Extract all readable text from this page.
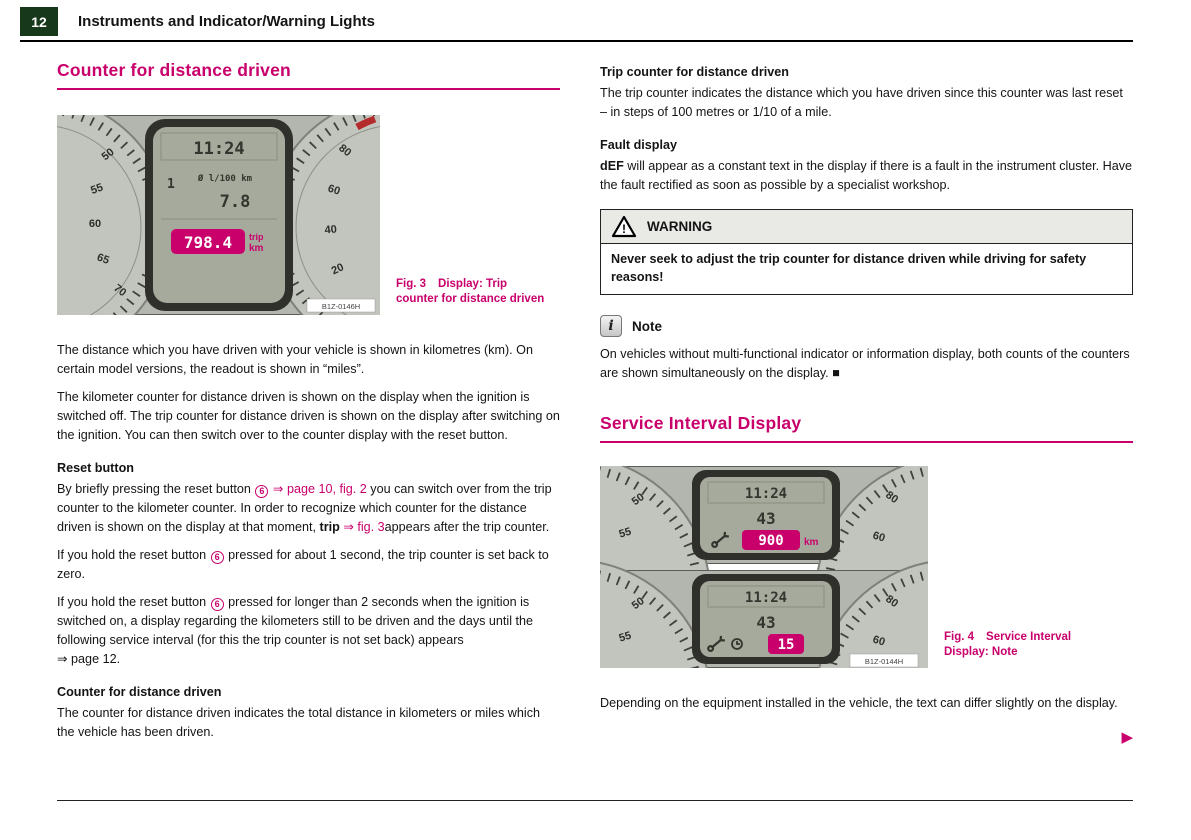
12 Instruments and Indicator/Warning Lights
Counter for distance driven
50
55
60
65
70
80
60
40
20
11:24
1	Ø l/100 km
7.8
798.4 trip
km
B1Z-0146H
Fig. 3 Display: Trip counter for distance driven

The distance which you have driven with your vehicle is shown in kilometres (km). On certain model versions, the readout is shown in “miles”.

The kilometer counter for distance driven is shown on the display when the ignition is switched off. The trip counter for distance driven is shown on the display after switching on the ignition. You can then switch over to the counter display with the reset button.

Reset button

By briefly pressing the reset button 6 ⇒ page 10, fig. 2 you can switch over from the trip counter to the kilometer counter. In order to recognize which counter for the distance driven is shown on the display at that moment, trip ⇒ fig. 3appears after the trip counter.

If you hold the reset button 6 pressed for about 1 second, the trip counter is set back to zero.

If you hold the reset button 6 pressed for longer than 2 seconds when the ignition is switched on, a display regarding the kilometers still to be driven and the days until the following service interval (for this the trip counter is not set back) appears
⇒ page 12.

Counter for distance driven

The counter for distance driven indicates the total distance in kilometers or miles which the vehicle has been driven.

Trip counter for distance driven

The trip counter indicates the distance which you have driven since this counter was last reset – in steps of 100 metres or 1/10 of a mile.

Fault display

dEF will appear as a constant text in the display if there is a fault in the instrument cluster. Have the fault rectified as soon as possible by a specialist workshop.

! WARNING
Never seek to adjust the trip counter for distance driven while driving for safety reasons!
i	Note

On vehicles without multi-functional indicator or information display, both counts of the counters are shown simultaneously on the display. ■

Service Interval Display
50
55
80
60
11:24
43
900 km
50
55
80
60
11:24
43
15
B1Z-0144H
Fig. 4 Service Interval Display: Note

Depending on the equipment installed in the vehicle, the text can differ slightly on the display.

▶
